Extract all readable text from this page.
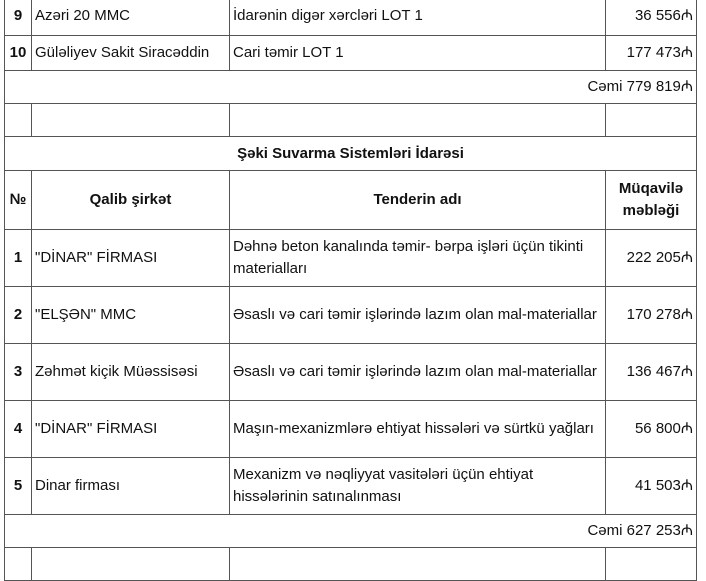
9	Azəri 20 MMC	İdarənin digər xərcləri LOT 1	36 556₼
10	Güləliyev Sakit Siracəddin	Cari təmir LOT 1	177 473₼
Cəmi 779 819₼			

Şəki Suvarma Sistemləri İdarəsi			
№	Qalib şirkət	Tenderin adı	Müqavilə məbləği
1	"DİNAR" FİRMASI	Dəhnə beton kanalında təmir- bərpa işləri üçün tikinti materialları	222 205₼
2	"ELŞƏN" MMC	Əsaslı və cari təmir işlərində lazım olan mal-materiallar	170 278₼
3	Zəhmət kiçik Müəssisəsi	Əsaslı və cari təmir işlərində lazım olan mal-materiallar	136 467₼
4	"DİNAR" FİRMASI	Maşın-mexanizmlərə ehtiyat hissələri və sürtkü yağları	56 800₼
5	Dinar firması	Mexanizm və nəqliyyat vasitələri üçün ehtiyat hissələrinin satınalınması	41 503₼
Cəmi 627 253₼			
